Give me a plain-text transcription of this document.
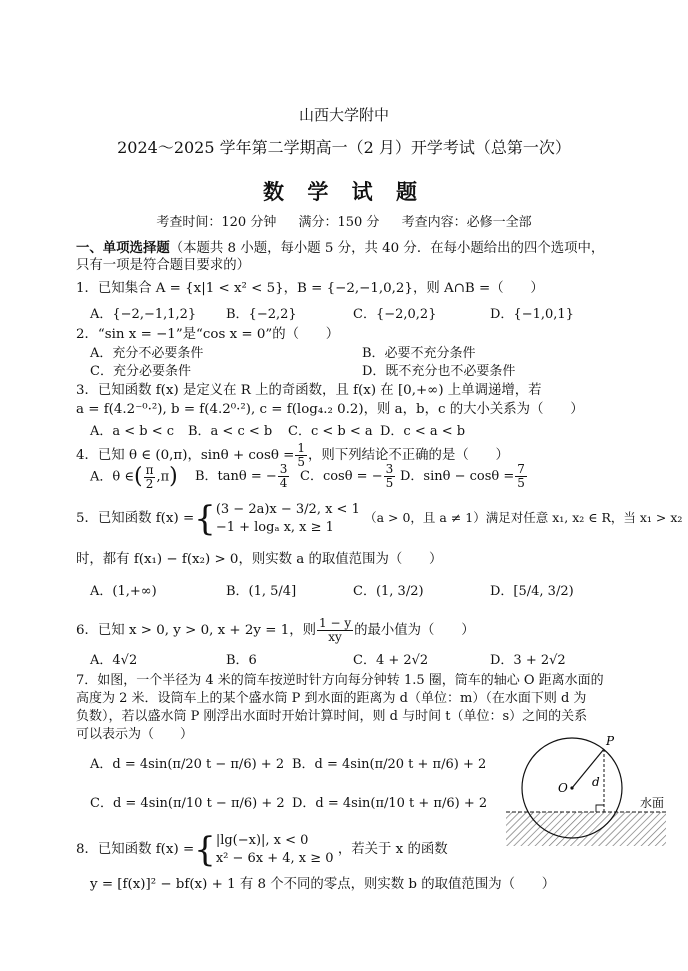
山西大学附中
2024～2025 学年第二学期高一（2 月）开学考试（总第一次）
数 学 试 题
考查时间：120 分钟 满分：150 分 考查内容：必修一全部
一、单项选择题（本题共 8 小题，每小题 5 分，共 40 分．在每小题给出的四个选项中，
只有一项是符合题目要求的）
1．已知集合 A = {x|1 < x² < 5}，B = {−2,−1,0,2}，则 A∩B =（　　）
A．{−2,−1,1,2} B．{−2,2}	C．{−2,0,2}	D．{−1,0,1}
2．“sin x = −1”是“cos x = 0”的（　　）
A．充分不必要条件	B．必要不充分条件
C．充分必要条件	D．既不充分也不必要条件
3．已知函数 f(x) 是定义在 R 上的奇函数，且 f(x) 在 [0,+∞) 上单调递增，若
a = f(4.2⁻⁰·²), b = f(4.2⁰·²), c = f(log₄.₂ 0.2)，则 a，b，c 的大小关系为（　　）
A．a < b < c B．a < c < b C．c < b < a D．c < a < b
4．已知 θ ∈ (0,π)，$\sin\theta + \cos\theta = \frac{1}{5}$ ，则下列结论不正确的是（　　）
A．θ ∈( $\frac{\pi}{2} ,\pi$) B．tanθ = − $\frac{3}{4}$ C．cosθ = − $\frac{3}{5}$ D．$\sin\theta - \cos\theta = \frac{7}{5}$
5．已知函数 f(x) ={ (3 − 2a)x − 3/2, x < 1
−1 + logₐ x, x ≥ 1
（a > 0，且 a ≠ 1）满足对任意 x₁, x₂ ∈ R，当 x₁ > x₂
时，都有 f(x₁) − f(x₂) > 0，则实数 a 的取值范围为（　　）
A．(1,+∞)	B．(1, 5/4]	C．(1, 3/2)	D．[5/4, 3/2)
6．已知 x > 0, y > 0, x + 2y = 1，则 $\frac{1 - y}{xy}$ 的最小值为（　　）
A．4√2	B．6	C．4 + 2√2	D．3 + 2√2
7．如图，一个半径为 4 米的筒车按逆时针方向每分钟转 1.5 圈，筒车的轴心 O 距离水面的
高度为 2 米．设筒车上的某个盛水筒 P 到水面的距离为 d（单位：m）（在水面下则 d 为
负数），若以盛水筒 P 刚浮出水面时开始计算时间，则 d 与时间 t（单位：s）之间的关系
可以表示为（　　）
A．d = 4sin(π/20 t − π/6) + 2 B．d = 4sin(π/20 t + π/6) + 2
C．d = 4sin(π/10 t − π/6) + 2 D．d = 4sin(π/10 t + π/6) + 2
P
O d
水面
8．已知函数 f(x) ={ |lg(−x)|, x < 0
x² − 6x + 4, x ≥ 0
，若关于 x 的函数
y = [f(x)]² − bf(x) + 1 有 8 个不同的零点，则实数 b 的取值范围为（　　）
